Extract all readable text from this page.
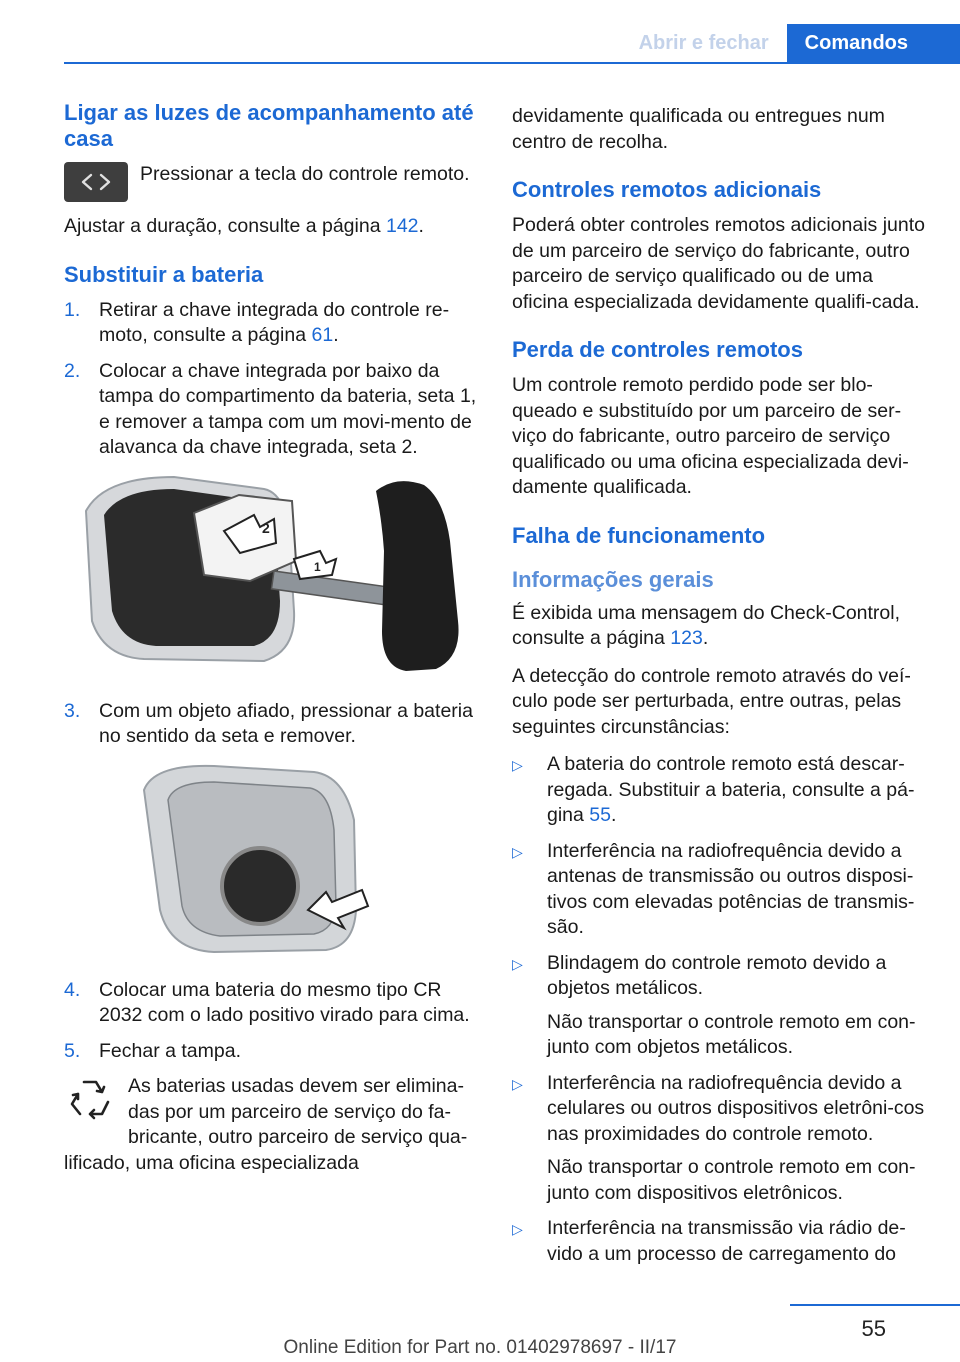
Abrir e fechar	Comandos
Ligar as luzes de acompanhamento até casa
Pressionar a tecla do controle remoto.

Ajustar a duração, consulte a página 142.

Substituir a bateria
1. Retirar a chave integrada do controle re‐moto, consulte a página 61.
2. Colocar a chave integrada por baixo da tampa do compartimento da bateria, seta 1, e remover a tampa com um movi‐mento de alavanca da chave integrada, seta 2.
2
1
3. Com um objeto afiado, pressionar a bateria no sentido da seta e remover.
4. Colocar uma bateria do mesmo tipo CR 2032 com o lado positivo virado para cima.
5. Fechar a tampa.
As baterias usadas devem ser elimina‐das por um parceiro de serviço do fa‐bricante, outro parceiro de serviço qua‐lificado, uma oficina especializada

devidamente qualificada ou entregues num centro de recolha.

Controles remotos adicionais

Poderá obter controles remotos adicionais junto de um parceiro de serviço do fabricante, outro parceiro de serviço qualificado ou de uma oficina especializada devidamente qualifi‐cada.

Perda de controles remotos

Um controle remoto perdido pode ser blo‐queado e substituído por um parceiro de ser‐viço do fabricante, outro parceiro de serviço qualificado ou uma oficina especializada devi‐damente qualificada.

Falha de funcionamento
Informações gerais

É exibida uma mensagem do Check-Control, consulte a página 123.

A detecção do controle remoto através do veí‐culo pode ser perturbada, entre outras, pelas seguintes circunstâncias:

▷ A bateria do controle remoto está descar‐regada. Substituir a bateria, consulte a pá‐gina 55.
▷ Interferência na radiofrequência devido a antenas de transmissão ou outros disposi‐tivos com elevadas potências de transmis‐são.
▷ Blindagem do controle remoto devido a objetos metálicos.
Não transportar o controle remoto em con‐junto com objetos metálicos.
▷ Interferência na radiofrequência devido a celulares ou outros dispositivos eletrôni‐cos nas proximidades do controle remoto.
Não transportar o controle remoto em con‐junto com dispositivos eletrônicos.
▷ Interferência na transmissão via rádio de‐vido a um processo de carregamento do
55
Online Edition for Part no. 01402978697 - II/17
